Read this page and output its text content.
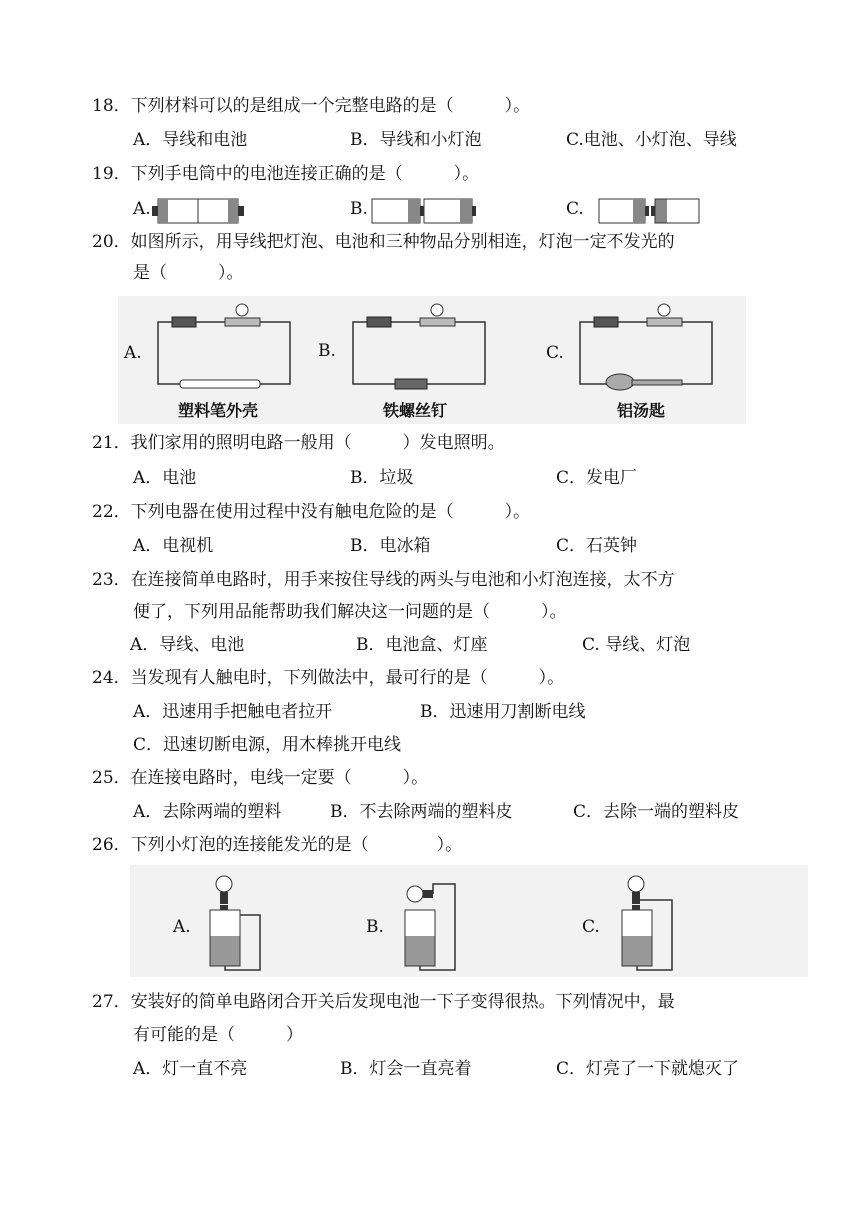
18．下列材料可以的是组成一个完整电路的是（　　　）。
A．导线和电池	B．导线和小灯泡	C.电池、小灯泡、导线
19．下列手电筒中的电池连接正确的是（　　　）。
A.	B.	C.
20．如图所示，用导线把灯泡、电池和三种物品分别相连，灯泡一定不发光的
是（　　　）。
A.
塑料笔外壳
B.
铁螺丝钉
C.
铝汤匙
21．我们家用的照明电路一般用（　　　）发电照明。
A．电池	B．垃圾	C．发电厂
22．下列电器在使用过程中没有触电危险的是（　　　）。
A．电视机	B．电冰箱	C．石英钟
23．在连接简单电路时，用手来按住导线的两头与电池和小灯泡连接，太不方
便了，下列用品能帮助我们解决这一问题的是（　　　）。
A．导线、电池	B．电池盒、灯座	C. 导线、灯泡
24．当发现有人触电时，下列做法中，最可行的是（　　　）。
A．迅速用手把触电者拉开	B．迅速用刀割断电线
C．迅速切断电源，用木棒挑开电线
25．在连接电路时，电线一定要（　　　）。
A．去除两端的塑料	B．不去除两端的塑料皮	C．去除一端的塑料皮
26．下列小灯泡的连接能发光的是（　　　　）。
A.	B.	C.
27．安装好的简单电路闭合开关后发现电池一下子变得很热。下列情况中，最
有可能的是（　　　）
A．灯一直不亮	B．灯会一直亮着	C．灯亮了一下就熄灭了
